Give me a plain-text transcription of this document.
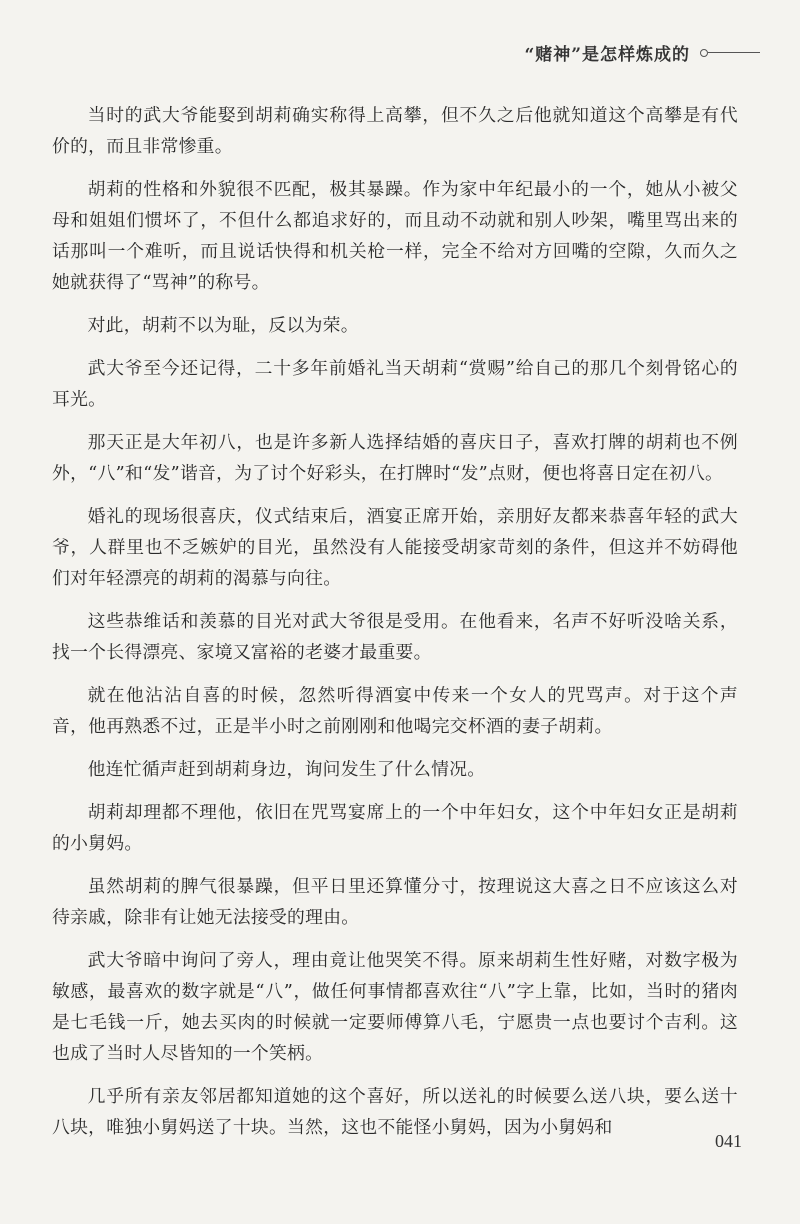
“赌神”是怎样炼成的

当时的武大爷能娶到胡莉确实称得上高攀，但不久之后他就知道这个高攀是有代价的，而且非常惨重。

胡莉的性格和外貌很不匹配，极其暴躁。作为家中年纪最小的一个，她从小被父母和姐姐们惯坏了，不但什么都追求好的，而且动不动就和别人吵架，嘴里骂出来的话那叫一个难听，而且说话快得和机关枪一样，完全不给对方回嘴的空隙，久而久之她就获得了“骂神”的称号。

对此，胡莉不以为耻，反以为荣。

武大爷至今还记得，二十多年前婚礼当天胡莉“赏赐”给自己的那几个刻骨铭心的耳光。

那天正是大年初八，也是许多新人选择结婚的喜庆日子，喜欢打牌的胡莉也不例外，“八”和“发”谐音，为了讨个好彩头，在打牌时“发”点财，便也将喜日定在初八。

婚礼的现场很喜庆，仪式结束后，酒宴正席开始，亲朋好友都来恭喜年轻的武大爷，人群里也不乏嫉妒的目光，虽然没有人能接受胡家苛刻的条件，但这并不妨碍他们对年轻漂亮的胡莉的渴慕与向往。

这些恭维话和羡慕的目光对武大爷很是受用。在他看来，名声不好听没啥关系，找一个长得漂亮、家境又富裕的老婆才最重要。

就在他沾沾自喜的时候，忽然听得酒宴中传来一个女人的咒骂声。对于这个声音，他再熟悉不过，正是半小时之前刚刚和他喝完交杯酒的妻子胡莉。

他连忙循声赶到胡莉身边，询问发生了什么情况。

胡莉却理都不理他，依旧在咒骂宴席上的一个中年妇女，这个中年妇女正是胡莉的小舅妈。

虽然胡莉的脾气很暴躁，但平日里还算懂分寸，按理说这大喜之日不应该这么对待亲戚，除非有让她无法接受的理由。

武大爷暗中询问了旁人，理由竟让他哭笑不得。原来胡莉生性好赌，对数字极为敏感，最喜欢的数字就是“八”，做任何事情都喜欢往“八”字上靠，比如，当时的猪肉是七毛钱一斤，她去买肉的时候就一定要师傅算八毛，宁愿贵一点也要讨个吉利。这也成了当时人尽皆知的一个笑柄。

几乎所有亲友邻居都知道她的这个喜好，所以送礼的时候要么送八块，要么送十八块，唯独小舅妈送了十块。当然，这也不能怪小舅妈，因为小舅妈和

041
